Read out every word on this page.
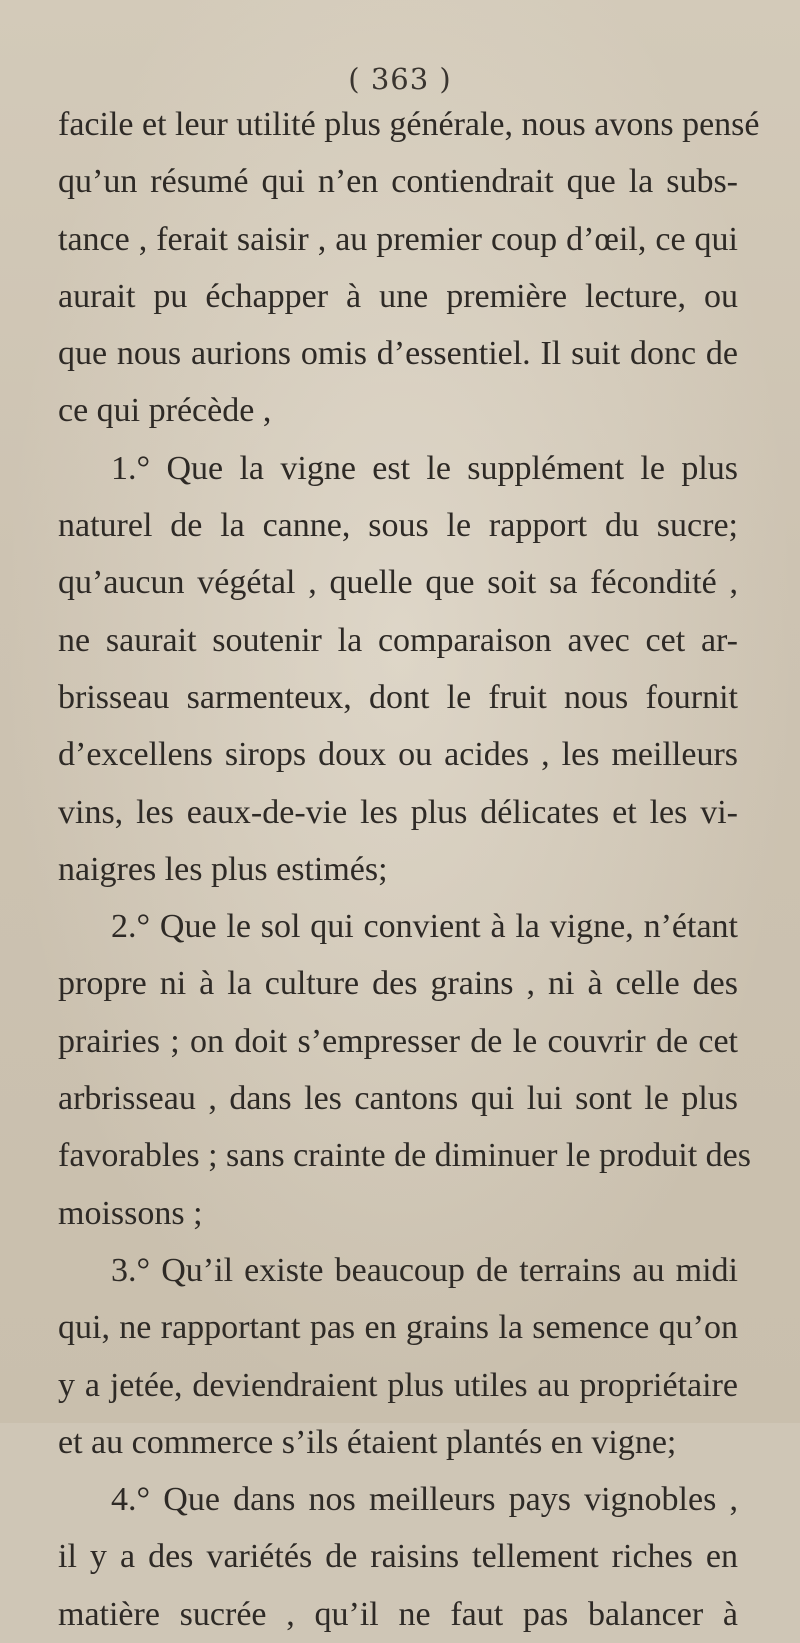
( 363 )
facile et leur utilité plus générale, nous avons pensé
qu’un résumé qui n’en contiendrait que la subs-
tance , ferait saisir , au premier coup d’œil, ce qui
aurait pu échapper à une première lecture, ou
que nous aurions omis d’essentiel. Il suit donc de
ce qui précède ,
1.° Que la vigne est le supplément le plus
naturel de la canne, sous le rapport du sucre;
qu’aucun végétal , quelle que soit sa fécondité ,
ne saurait soutenir la comparaison avec cet ar-
brisseau sarmenteux, dont le fruit nous fournit
d’excellens sirops doux ou acides , les meilleurs
vins, les eaux-de-vie les plus délicates et les vi-
naigres les plus estimés;
2.° Que le sol qui convient à la vigne, n’étant
propre ni à la culture des grains , ni à celle des
prairies ; on doit s’empresser de le couvrir de cet
arbrisseau , dans les cantons qui lui sont le plus
favorables ; sans crainte de diminuer le produit des
moissons ;
3.° Qu’il existe beaucoup de terrains au midi
qui, ne rapportant pas en grains la semence qu’on
y a jetée, deviendraient plus utiles au propriétaire
et au commerce s’ils étaient plantés en vigne;
4.° Que dans nos meilleurs pays vignobles ,
il y a des variétés de raisins tellement riches en
matière sucrée , qu’il ne faut pas balancer à
